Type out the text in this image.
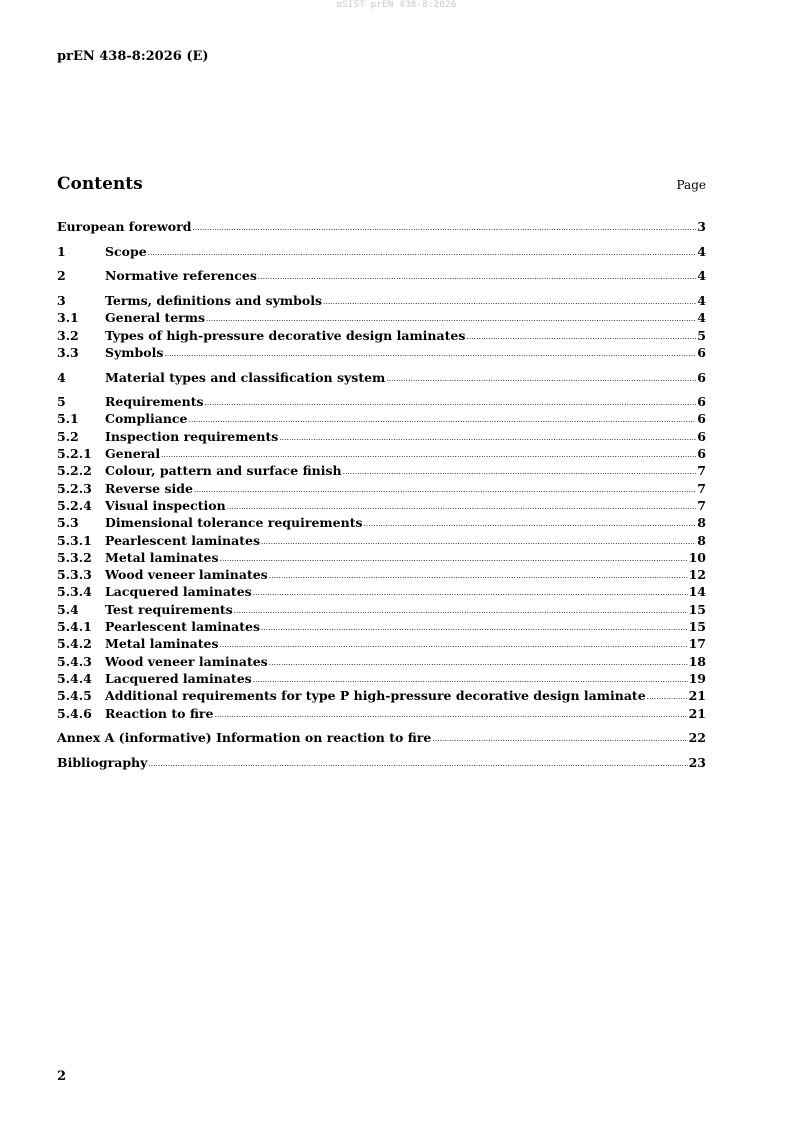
oSIST prEN 438-8:2026
prEN 438-8:2026 (E)
Contents	Page
European foreword .....	3
1	Scope .....	4
2	Normative references .....	4
3	Terms, definitions and symbols .....	4
3.1	General terms .....	4
3.2	Types of high-pressure decorative design laminates .....	5
3.3	Symbols .....	6
4	Material types and classification system .....	6
5	Requirements .....	6
5.1	Compliance .....	6
5.2	Inspection requirements .....	6
5.2.1	General .....	6
5.2.2	Colour, pattern and surface finish .....	7
5.2.3	Reverse side .....	7
5.2.4	Visual inspection .....	7
5.3	Dimensional tolerance requirements .....	8
5.3.1	Pearlescent laminates .....	8
5.3.2	Metal laminates .....	10
5.3.3	Wood veneer laminates .....	12
5.3.4	Lacquered laminates .....	14
5.4	Test requirements .....	15
5.4.1	Pearlescent laminates .....	15
5.4.2	Metal laminates .....	17
5.4.3	Wood veneer laminates .....	18
5.4.4	Lacquered laminates .....	19
5.4.5	Additional requirements for type P high-pressure decorative design laminate .....	21
5.4.6	Reaction to fire .....	21
Annex A (informative) Information on reaction to fire .....	22
Bibliography .....	23
2
